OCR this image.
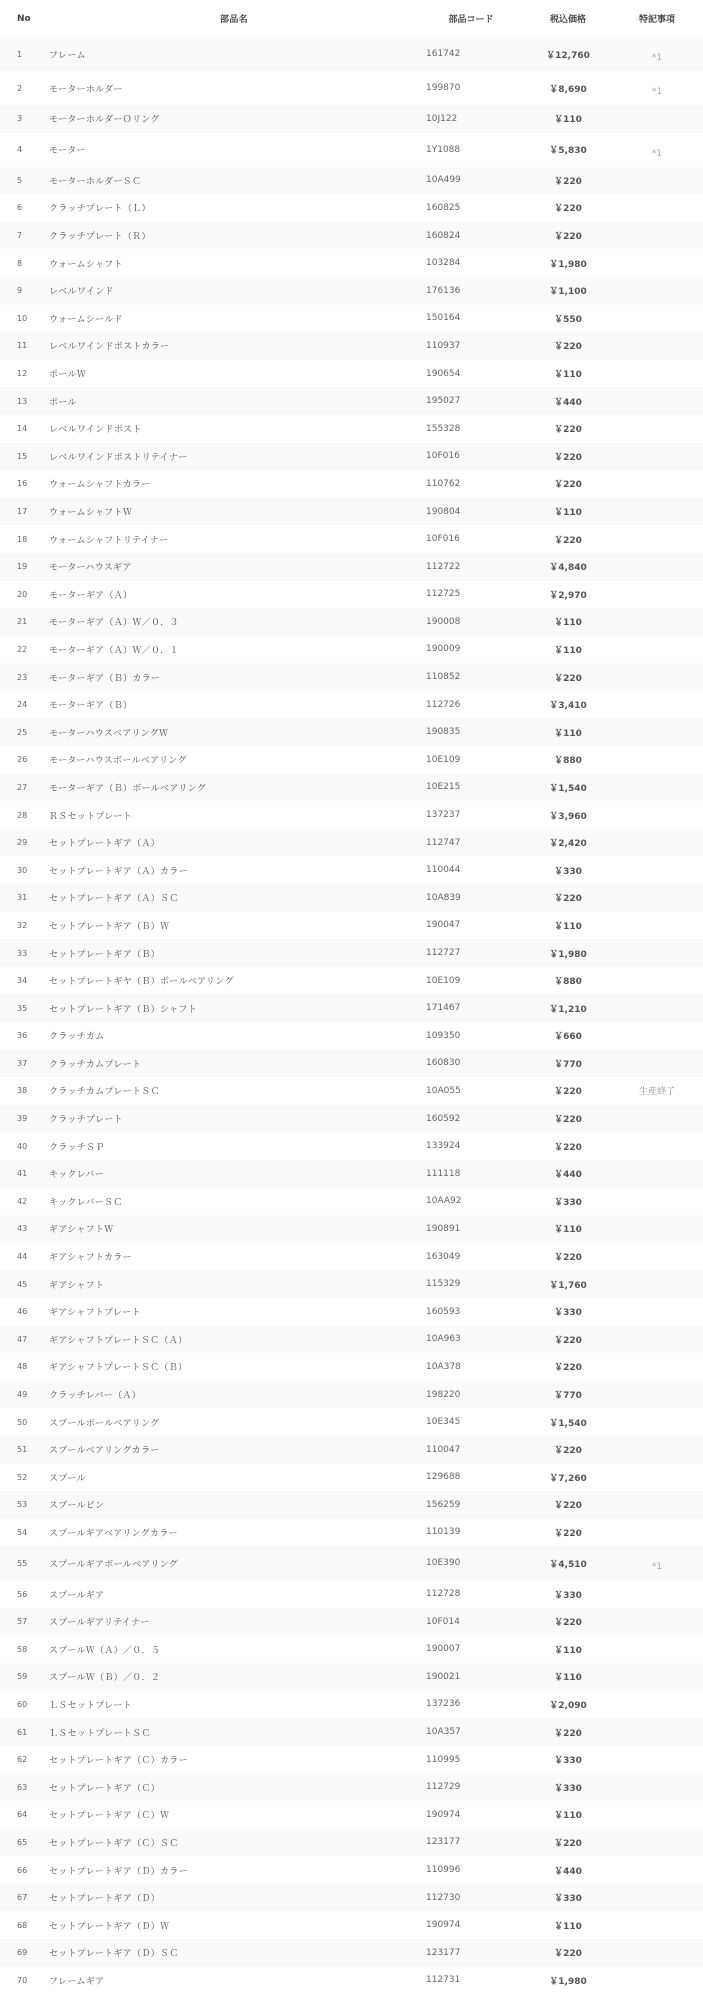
No	部品名	部品コード	税込価格	特記事項
1	フレーム	161742	￥12,760	*1
2	モーターホルダー	199870	￥8,690	*1
3	モーターホルダーＯリング	10J122	￥110
4	モーター	1Y1088	￥5,830	*1
5	モーターホルダーＳＣ	10A499	￥220
6	クラッチプレート（Ｌ）	160825	￥220
7	クラッチプレート（Ｒ）	160824	￥220
8	ウォームシャフト	103284	￥1,980
9	レベルワインド	176136	￥1,100
10	ウォームシールド	150164	￥550
11	レベルワインドポストカラー	110937	￥220
12	ポールＷ	190654	￥110
13	ポール	195027	￥440
14	レベルワインドポスト	155328	￥220
15	レベルワインドポストリテイナー	10F016	￥220
16	ウォームシャフトカラー	110762	￥220
17	ウォームシャフトＷ	190804	￥110
18	ウォームシャフトリテイナー	10F016	￥220
19	モーターハウスギア	112722	￥4,840
20	モーターギア（Ａ）	112725	￥2,970
21	モーターギア（Ａ）Ｗ／０．３	190008	￥110
22	モーターギア（Ａ）Ｗ／０．１	190009	￥110
23	モーターギア（Ｂ）カラー	110852	￥220
24	モーターギア（Ｂ）	112726	￥3,410
25	モーターハウスベアリングＷ	190835	￥110
26	モーターハウスボールベアリング	10E109	￥880
27	モーターギア（Ｂ）ボールベアリング	10E215	￥1,540
28	ＲＳセットプレート	137237	￥3,960
29	セットプレートギア（Ａ）	112747	￥2,420
30	セットプレートギア（Ａ）カラー	110044	￥330
31	セットプレートギア（Ａ）ＳＣ	10A839	￥220
32	セットプレートギア（Ｂ）Ｗ	190047	￥110
33	セットプレートギア（Ｂ）	112727	￥1,980
34	セットプレートギヤ（Ｂ）ボールベアリング	10E109	￥880
35	セットプレートギア（Ｂ）シャフト	171467	￥1,210
36	クラッチカム	109350	￥660
37	クラッチカムプレート	160830	￥770
38	クラッチカムプレートＳＣ	10A055	￥220	生産終了
39	クラッチプレート	160592	￥220
40	クラッチＳＰ	133924	￥220
41	キックレバー	111118	￥440
42	キックレバーＳＣ	10AA92	￥330
43	ギアシャフトＷ	190891	￥110
44	ギアシャフトカラー	163049	￥220
45	ギアシャフト	115329	￥1,760
46	ギアシャフトプレート	160593	￥330
47	ギアシャフトプレートＳＣ（Ａ）	10A963	￥220
48	ギアシャフトプレートＳＣ（Ｂ）	10A378	￥220
49	クラッチレバー（Ａ）	198220	￥770
50	スプールボールベアリング	10E345	￥1,540
51	スプールベアリングカラー	110047	￥220
52	スプール	129688	￥7,260
53	スプールピン	156259	￥220
54	スプールギアベアリングカラー	110139	￥220
55	スプールギアボールベアリング	10E390	￥4,510	*1
56	スプールギア	112728	￥330
57	スプールギアリテイナー	10F014	￥220
58	スプールＷ（Ａ）／０．５	190007	￥110
59	スプールＷ（Ｂ）／０．２	190021	￥110
60	ＬＳセットプレート	137236	￥2,090
61	ＬＳセットプレートＳＣ	10A357	￥220
62	セットプレートギア（Ｃ）カラー	110995	￥330
63	セットプレートギア（Ｃ）	112729	￥330
64	セットプレートギア（Ｃ）Ｗ	190974	￥110
65	セットプレートギア（Ｃ）ＳＣ	123177	￥220
66	セットプレートギア（Ｄ）カラー	110996	￥440
67	セットプレートギア（Ｄ）	112730	￥330
68	セットプレートギア（Ｄ）Ｗ	190974	￥110
69	セットプレートギア（Ｄ）ＳＣ	123177	￥220
70	フレームギア	112731	￥1,980
